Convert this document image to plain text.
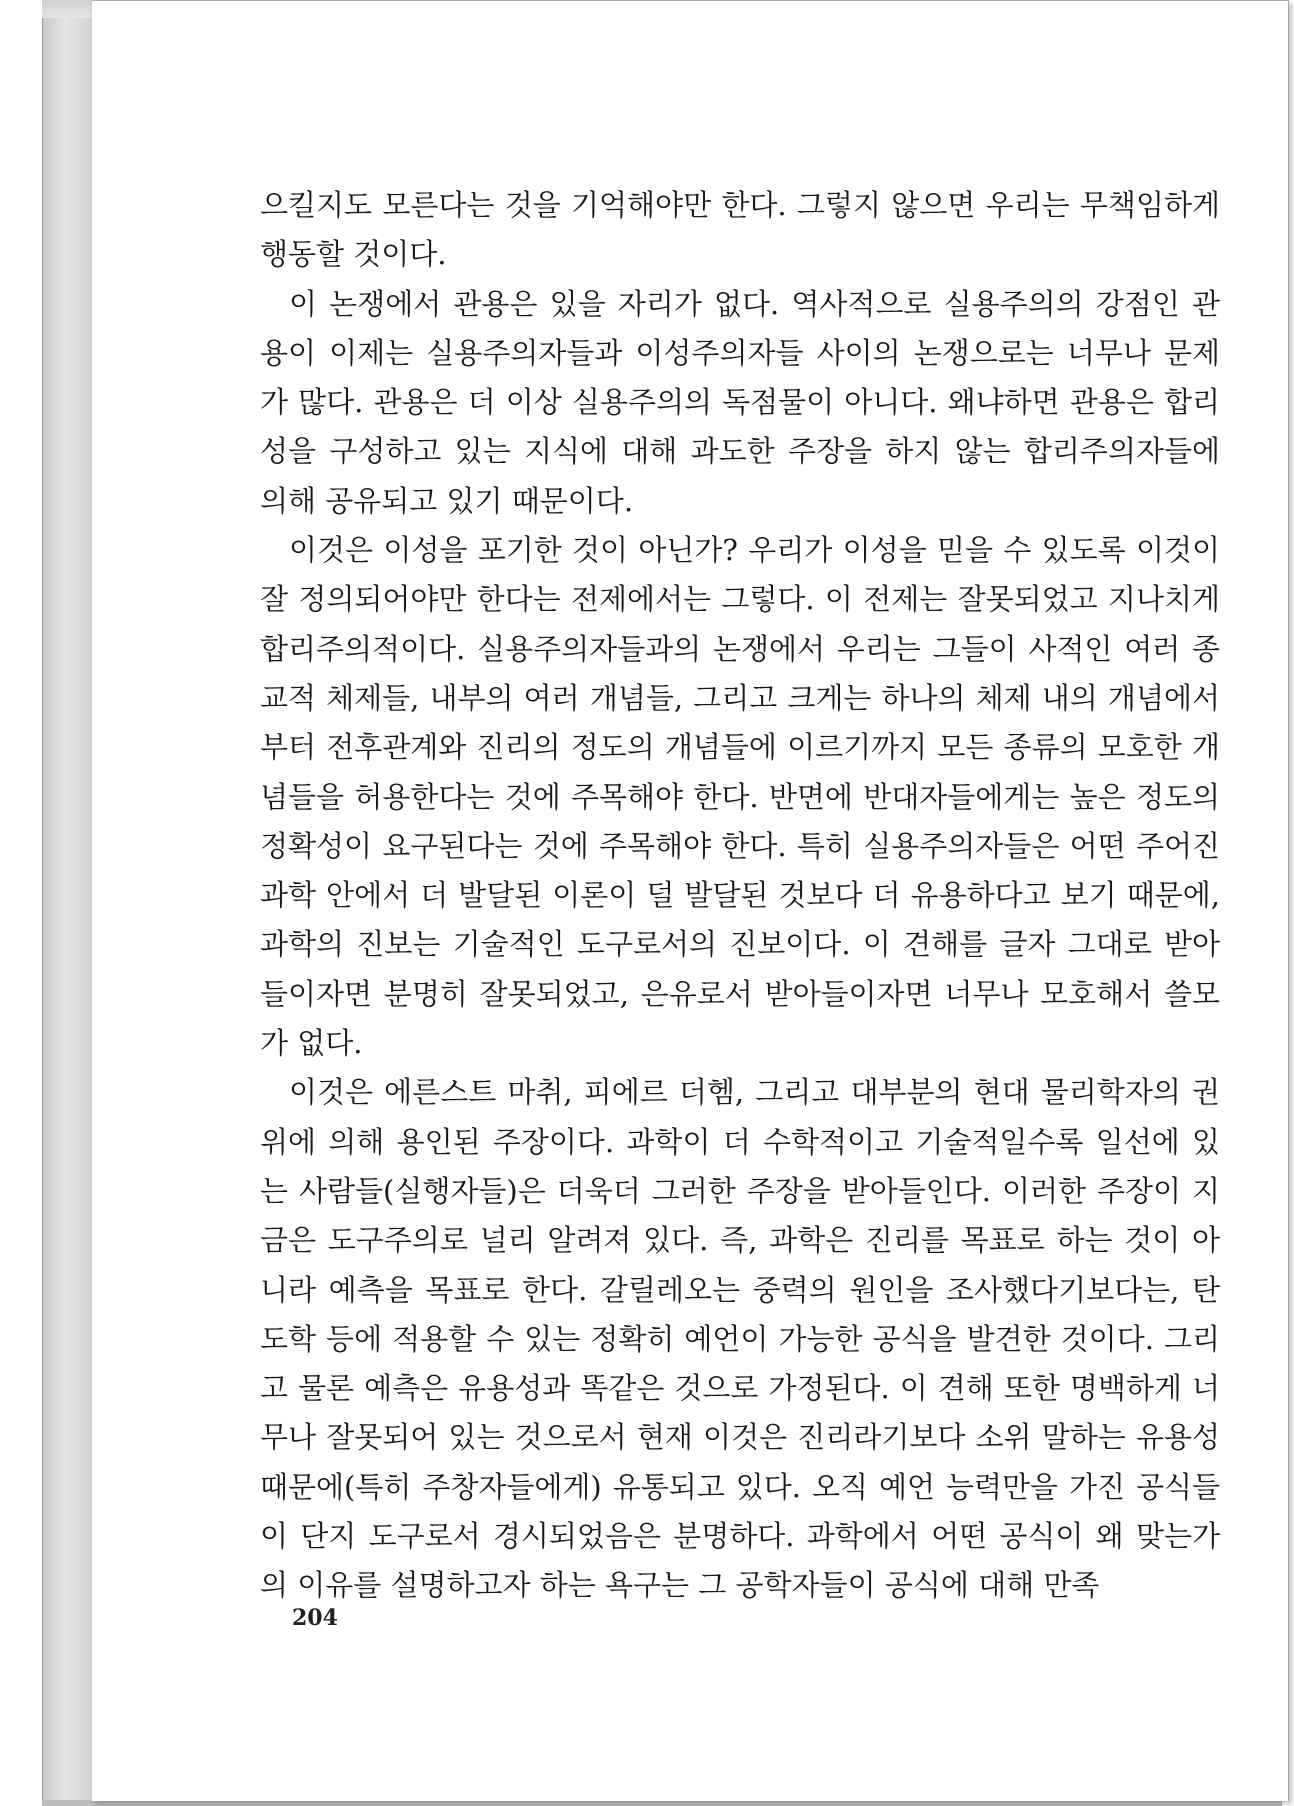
으킬지도 모른다는 것을 기억해야만 한다. 그렇지 않으면 우리는 무책임하게 행동할 것이다.

이 논쟁에서 관용은 있을 자리가 없다. 역사적으로 실용주의의 강점인 관용이 이제는 실용주의자들과 이성주의자들 사이의 논쟁으로는 너무나 문제가 많다. 관용은 더 이상 실용주의의 독점물이 아니다. 왜냐하면 관용은 합리성을 구성하고 있는 지식에 대해 과도한 주장을 하지 않는 합리주의자들에 의해 공유되고 있기 때문이다.

이것은 이성을 포기한 것이 아닌가? 우리가 이성을 믿을 수 있도록 이것이 잘 정의되어야만 한다는 전제에서는 그렇다. 이 전제는 잘못되었고 지나치게 합리주의적이다. 실용주의자들과의 논쟁에서 우리는 그들이 사적인 여러 종교적 체제들, 내부의 여러 개념들, 그리고 크게는 하나의 체제 내의 개념에서부터 전후관계와 진리의 정도의 개념들에 이르기까지 모든 종류의 모호한 개념들을 허용한다는 것에 주목해야 한다. 반면에 반대자들에게는 높은 정도의 정확성이 요구된다는 것에 주목해야 한다. 특히 실용주의자들은 어떤 주어진 과학 안에서 더 발달된 이론이 덜 발달된 것보다 더 유용하다고 보기 때문에, 과학의 진보는 기술적인 도구로서의 진보이다. 이 견해를 글자 그대로 받아들이자면 분명히 잘못되었고, 은유로서 받아들이자면 너무나 모호해서 쓸모가 없다.

이것은 에른스트 마취, 피에르 더헴, 그리고 대부분의 현대 물리학자의 권위에 의해 용인된 주장이다. 과학이 더 수학적이고 기술적일수록 일선에 있는 사람들(실행자들)은 더욱더 그러한 주장을 받아들인다. 이러한 주장이 지금은 도구주의로 널리 알려져 있다. 즉, 과학은 진리를 목표로 하는 것이 아니라 예측을 목표로 한다. 갈릴레오는 중력의 원인을 조사했다기보다는, 탄도학 등에 적용할 수 있는 정확히 예언이 가능한 공식을 발견한 것이다. 그리고 물론 예측은 유용성과 똑같은 것으로 가정된다. 이 견해 또한 명백하게 너무나 잘못되어 있는 것으로서 현재 이것은 진리라기보다 소위 말하는 유용성 때문에(특히 주창자들에게) 유통되고 있다. 오직 예언 능력만을 가진 공식들이 단지 도구로서 경시되었음은 분명하다. 과학에서 어떤 공식이 왜 맞는가의 이유를 설명하고자 하는 욕구는 그 공학자들이 공식에 대해 만족

204
